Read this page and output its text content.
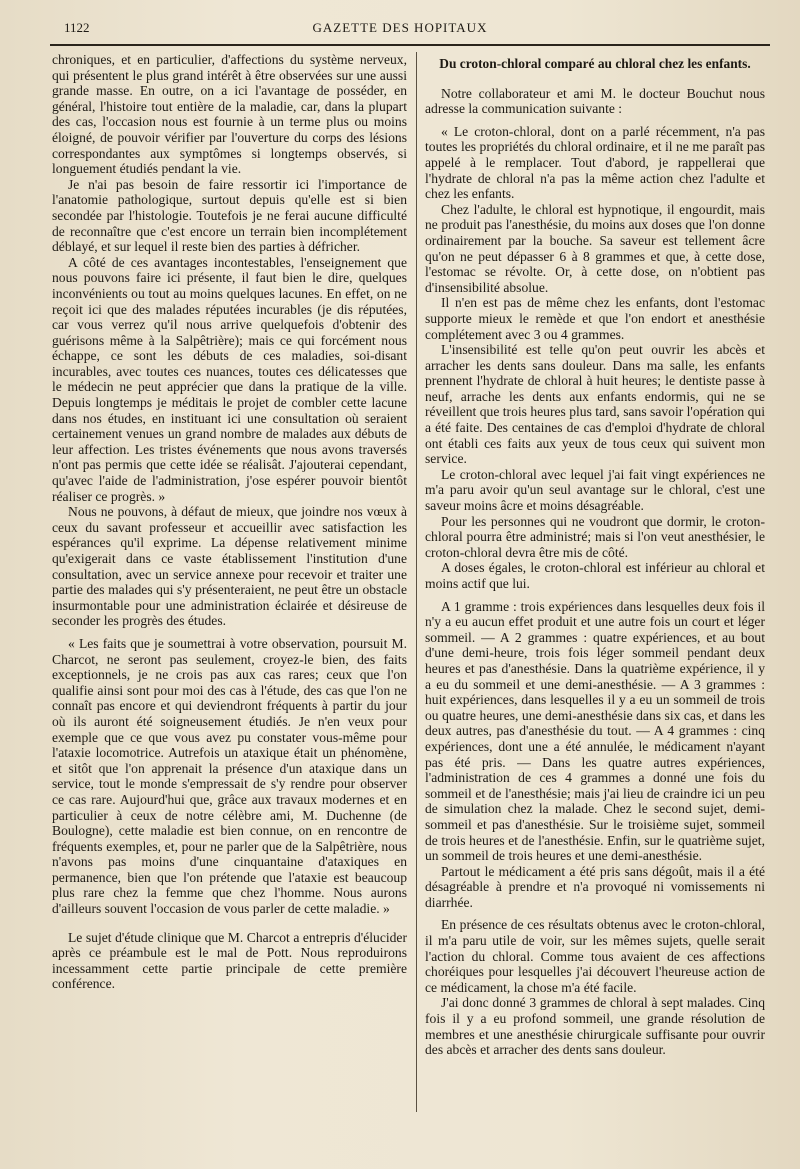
1122	GAZETTE DES HOPITAUX

chroniques, et en particulier, d'affections du système nerveux, qui présentent le plus grand intérêt à être observées sur une aussi grande masse. En outre, on a ici l'avantage de posséder, en général, l'histoire tout entière de la maladie, car, dans la plupart des cas, l'occasion nous est fournie à un terme plus ou moins éloigné, de pouvoir vérifier par l'ouverture du corps des lésions correspondantes aux symptômes si longtemps observés, si longuement étudiés pendant la vie.

Je n'ai pas besoin de faire ressortir ici l'importance de l'anatomie pathologique, surtout depuis qu'elle est si bien secondée par l'histologie. Toutefois je ne ferai aucune difficulté de reconnaître que c'est encore un terrain bien incomplétement déblayé, et sur lequel il reste bien des parties à défricher.

A côté de ces avantages incontestables, l'enseignement que nous pouvons faire ici présente, il faut bien le dire, quelques inconvénients ou tout au moins quelques lacunes. En effet, on ne reçoit ici que des malades réputées incurables (je dis réputées, car vous verrez qu'il nous arrive quelquefois d'obtenir des guérisons même à la Salpêtrière); mais ce qui forcément nous échappe, ce sont les débuts de ces maladies, soi-disant incurables, avec toutes ces nuances, toutes ces délicatesses que le médecin ne peut apprécier que dans la pratique de la ville. Depuis longtemps je méditais le projet de combler cette lacune dans nos études, en instituant ici une consultation où seraient certainement venues un grand nombre de malades aux débuts de leur affection. Les tristes événements que nous avons traversés n'ont pas permis que cette idée se réalisât. J'ajouterai cependant, qu'avec l'aide de l'administration, j'ose espérer pouvoir bientôt réaliser ce progrès. »

Nous ne pouvons, à défaut de mieux, que joindre nos vœux à ceux du savant professeur et accueillir avec satisfaction les espérances qu'il exprime. La dépense relativement minime qu'exigerait dans ce vaste établissement l'institution d'une consultation, avec un service annexe pour recevoir et traiter une partie des malades qui s'y présenteraient, ne peut être un obstacle insurmontable pour une administration éclairée et désireuse de seconder les progrès des études.

« Les faits que je soumettrai à votre observation, poursuit M. Charcot, ne seront pas seulement, croyez-le bien, des faits exceptionnels, je ne crois pas aux cas rares; ceux que l'on qualifie ainsi sont pour moi des cas à l'étude, des cas que l'on ne connaît pas encore et qui deviendront fréquents à partir du jour où ils auront été soigneusement étudiés. Je n'en veux pour exemple que ce que vous avez pu constater vous-même pour l'ataxie locomotrice. Autrefois un ataxique était un phénomène, et sitôt que l'on apprenait la présence d'un ataxique dans un service, tout le monde s'empressait de s'y rendre pour observer ce cas rare. Aujourd'hui que, grâce aux travaux modernes et en particulier à ceux de notre célèbre ami, M. Duchenne (de Boulogne), cette maladie est bien connue, on en rencontre de fréquents exemples, et, pour ne parler que de la Salpêtrière, nous n'avons pas moins d'une cinquantaine d'ataxiques en permanence, bien que l'on prétende que l'ataxie est beaucoup plus rare chez la femme que chez l'homme. Nous aurons d'ailleurs souvent l'occasion de vous parler de cette maladie. »

Le sujet d'étude clinique que M. Charcot a entrepris d'élucider après ce préambule est le mal de Pott. Nous reproduirons incessamment cette partie principale de cette première conférence.

Du croton-chloral comparé au chloral chez les enfants.

Notre collaborateur et ami M. le docteur Bouchut nous adresse la communication suivante :

« Le croton-chloral, dont on a parlé récemment, n'a pas toutes les propriétés du chloral ordinaire, et il ne me paraît pas appelé à le remplacer. Tout d'abord, je rappellerai que l'hydrate de chloral n'a pas la même action chez l'adulte et chez les enfants.

Chez l'adulte, le chloral est hypnotique, il engourdit, mais ne produit pas l'anesthésie, du moins aux doses que l'on donne ordinairement par la bouche. Sa saveur est tellement âcre qu'on ne peut dépasser 6 à 8 grammes et que, à cette dose, l'estomac se révolte. Or, à cette dose, on n'obtient pas d'insensibilité absolue.

Il n'en est pas de même chez les enfants, dont l'estomac supporte mieux le remède et que l'on endort et anesthésie complétement avec 3 ou 4 grammes.

L'insensibilité est telle qu'on peut ouvrir les abcès et arracher les dents sans douleur. Dans ma salle, les enfants prennent l'hydrate de chloral à huit heures; le dentiste passe à neuf, arrache les dents aux enfants endormis, qui ne se réveillent que trois heures plus tard, sans savoir l'opération qui a été faite. Des centaines de cas d'emploi d'hydrate de chloral ont établi ces faits aux yeux de tous ceux qui suivent mon service.

Le croton-chloral avec lequel j'ai fait vingt expériences ne m'a paru avoir qu'un seul avantage sur le chloral, c'est une saveur moins âcre et moins désagréable.

Pour les personnes qui ne voudront que dormir, le croton-chloral pourra être administré; mais si l'on veut anesthésier, le croton-chloral devra être mis de côté.

A doses égales, le croton-chloral est inférieur au chloral et moins actif que lui.

A 1 gramme : trois expériences dans lesquelles deux fois il n'y a eu aucun effet produit et une autre fois un court et léger sommeil. — A 2 grammes : quatre expériences, et au bout d'une demi-heure, trois fois léger sommeil pendant deux heures et pas d'anesthésie. Dans la quatrième expérience, il y a eu du sommeil et une demi-anesthésie. — A 3 grammes : huit expériences, dans lesquelles il y a eu un sommeil de trois ou quatre heures, une demi-anesthésie dans six cas, et dans les deux autres, pas d'anesthésie du tout. — A 4 grammes : cinq expériences, dont une a été annulée, le médicament n'ayant pas été pris. — Dans les quatre autres expériences, l'administration de ces 4 grammes a donné une fois du sommeil et de l'anesthésie; mais j'ai lieu de craindre ici un peu de simulation chez la malade. Chez le second sujet, demi-sommeil et pas d'anesthésie. Sur le troisième sujet, sommeil de trois heures et de l'anesthésie. Enfin, sur le quatrième sujet, un sommeil de trois heures et une demi-anesthésie.

Partout le médicament a été pris sans dégoût, mais il a été désagréable à prendre et n'a provoqué ni vomissements ni diarrhée.

En présence de ces résultats obtenus avec le croton-chloral, il m'a paru utile de voir, sur les mêmes sujets, quelle serait l'action du chloral. Comme tous avaient de ces affections choréiques pour lesquelles j'ai découvert l'heureuse action de ce médicament, la chose m'a été facile.

J'ai donc donné 3 grammes de chloral à sept malades. Cinq fois il y a eu profond sommeil, une grande résolution de membres et une anesthésie chirurgicale suffisante pour ouvrir des abcès et arracher des dents sans douleur.
